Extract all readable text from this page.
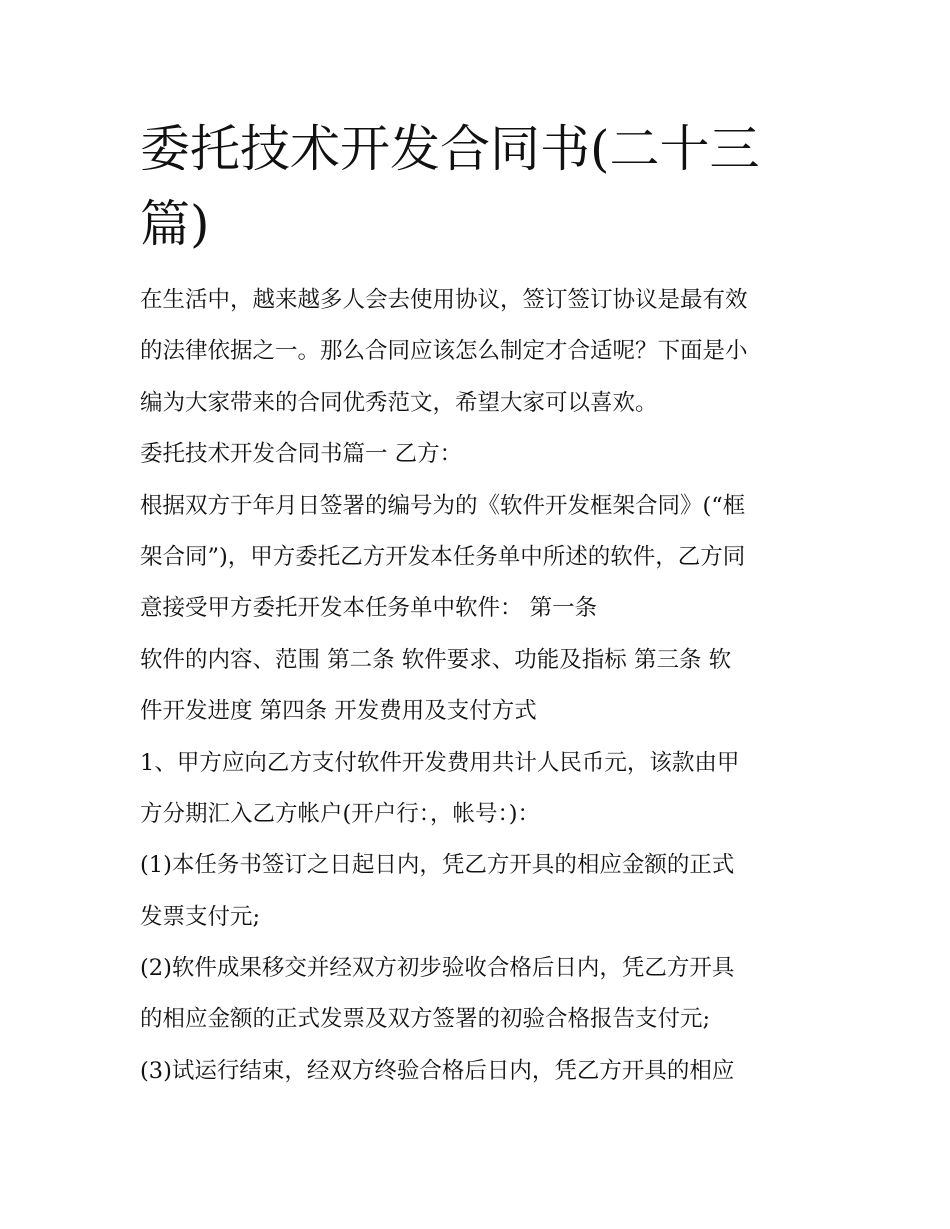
委托技术开发合同书(二十三篇)
在生活中，越来越多人会去使用协议，签订签订协议是最有效
的法律依据之一。那么合同应该怎么制定才合适呢？下面是小
编为大家带来的合同优秀范文，希望大家可以喜欢。
委托技术开发合同书篇一 乙方：
根据双方于年月日签署的编号为的《软件开发框架合同》(“框
架合同”)，甲方委托乙方开发本任务单中所述的软件，乙方同
意接受甲方委托开发本任务单中软件： 第一条
软件的内容、范围 第二条 软件要求、功能及指标 第三条 软
件开发进度 第四条 开发费用及支付方式
1、甲方应向乙方支付软件开发费用共计人民币元，该款由甲
方分期汇入乙方帐户(开户行：，帐号：)：
(1)本任务书签订之日起日内，凭乙方开具的相应金额的正式
发票支付元;
(2)软件成果移交并经双方初步验收合格后日内，凭乙方开具
的相应金额的正式发票及双方签署的初验合格报告支付元;
(3)试运行结束，经双方终验合格后日内，凭乙方开具的相应
